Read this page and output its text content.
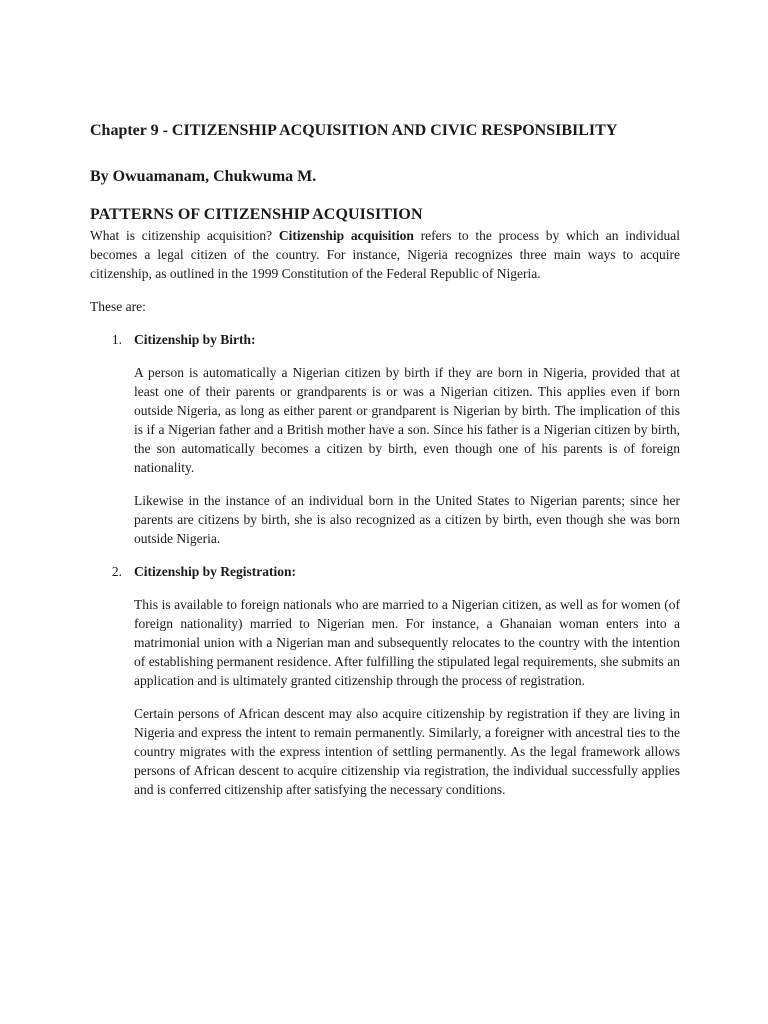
Chapter 9 - CITIZENSHIP ACQUISITION AND CIVIC RESPONSIBILITY
By Owuamanam, Chukwuma M.
PATTERNS OF CITIZENSHIP ACQUISITION

What is citizenship acquisition? Citizenship acquisition refers to the process by which an individual becomes a legal citizen of the country. For instance, Nigeria recognizes three main ways to acquire citizenship, as outlined in the 1999 Constitution of the Federal Republic of Nigeria.

These are:

1. Citizenship by Birth:

A person is automatically a Nigerian citizen by birth if they are born in Nigeria, provided that at least one of their parents or grandparents is or was a Nigerian citizen. This applies even if born outside Nigeria, as long as either parent or grandparent is Nigerian by birth. The implication of this is if a Nigerian father and a British mother have a son. Since his father is a Nigerian citizen by birth, the son automatically becomes a citizen by birth, even though one of his parents is of foreign nationality.

Likewise in the instance of an individual born in the United States to Nigerian parents; since her parents are citizens by birth, she is also recognized as a citizen by birth, even though she was born outside Nigeria.

2. Citizenship by Registration:

This is available to foreign nationals who are married to a Nigerian citizen, as well as for women (of foreign nationality) married to Nigerian men. For instance, a Ghanaian woman enters into a matrimonial union with a Nigerian man and subsequently relocates to the country with the intention of establishing permanent residence. After fulfilling the stipulated legal requirements, she submits an application and is ultimately granted citizenship through the process of registration.

Certain persons of African descent may also acquire citizenship by registration if they are living in Nigeria and express the intent to remain permanently. Similarly, a foreigner with ancestral ties to the country migrates with the express intention of settling permanently. As the legal framework allows persons of African descent to acquire citizenship via registration, the individual successfully applies and is conferred citizenship after satisfying the necessary conditions.
